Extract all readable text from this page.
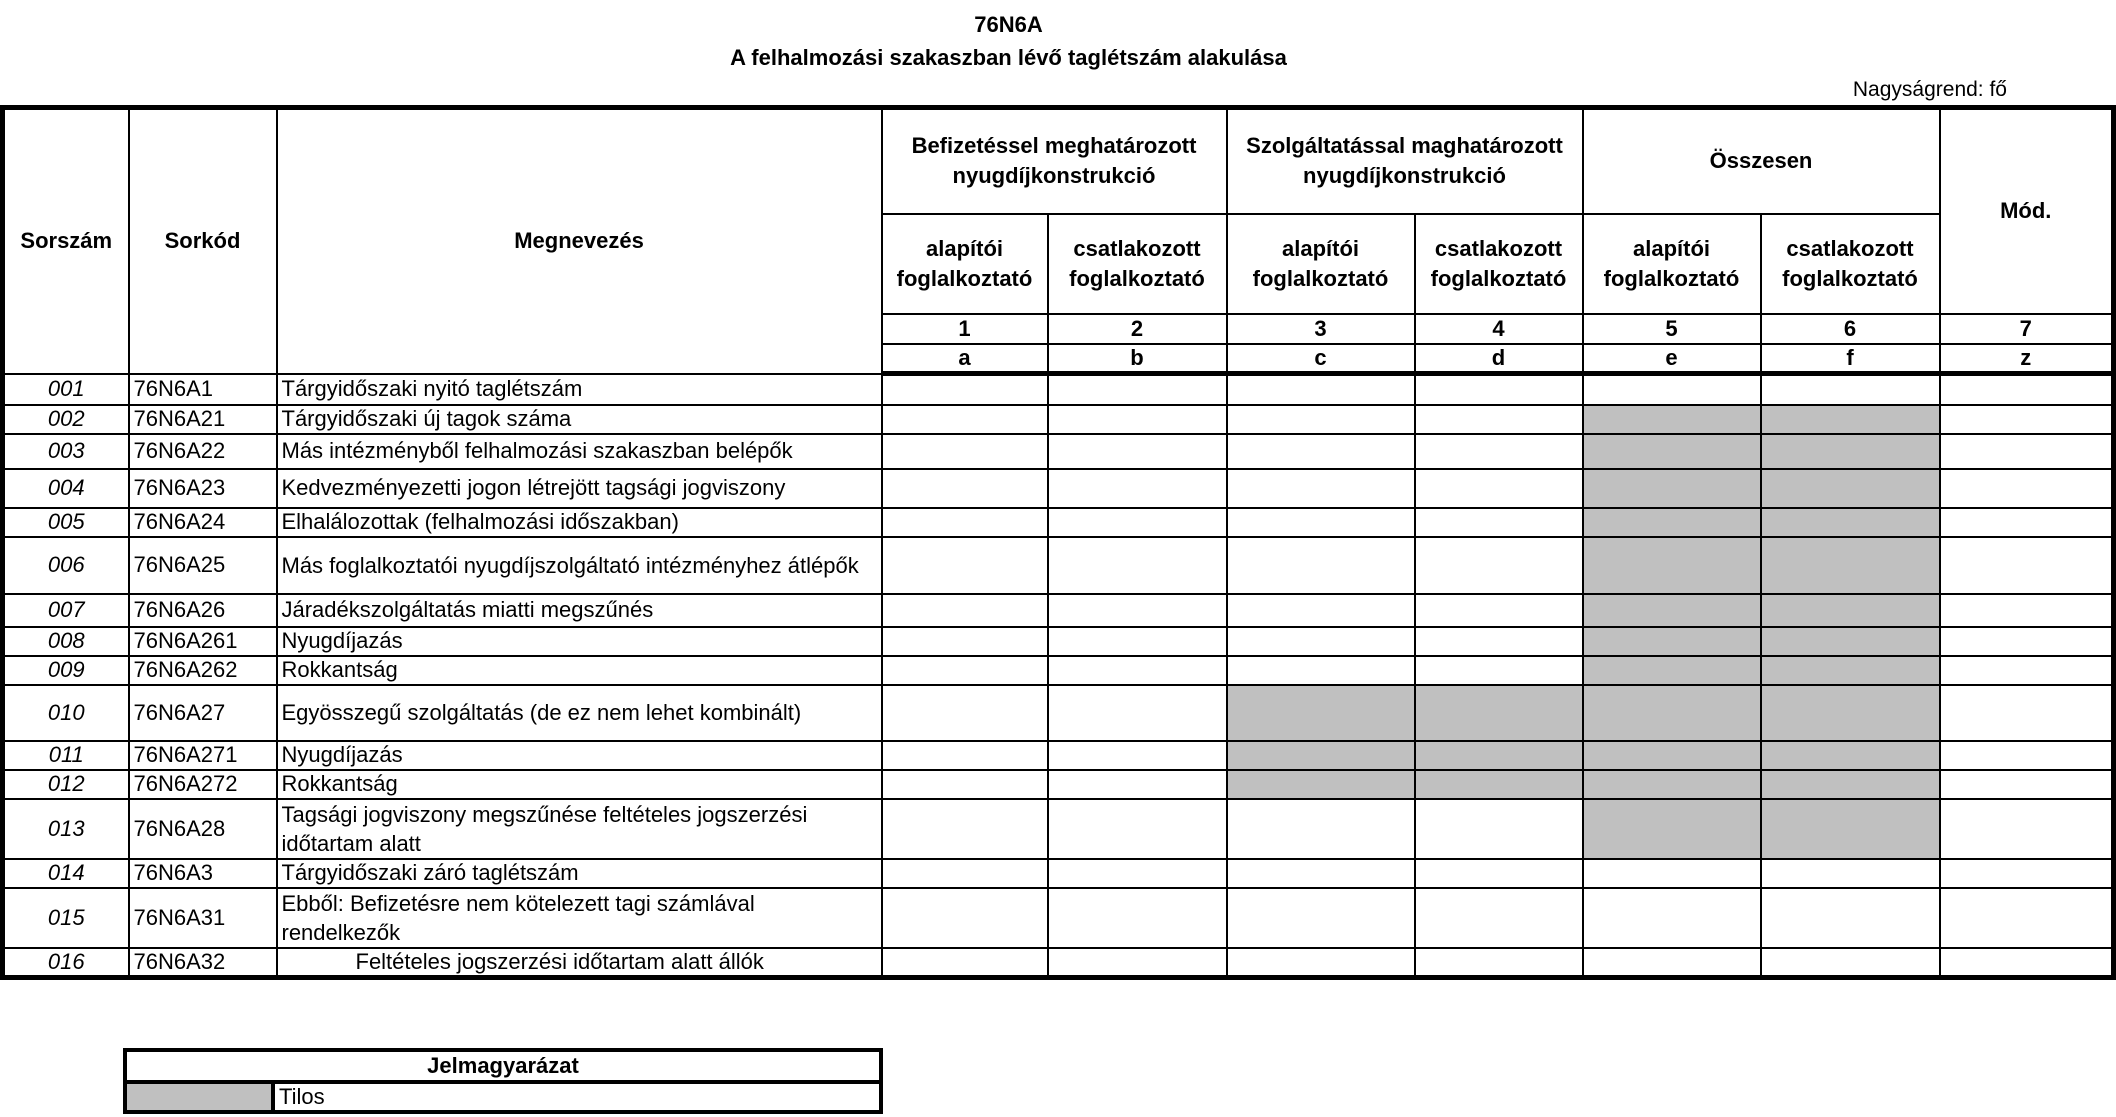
76N6A
A felhalmozási szakaszban lévő taglétszám alakulása
Nagyságrend: fő
Sorszám	Sorkód	Megnevezés	Befizetéssel meghatározott nyugdíjkonstrukció		Szolgáltatással maghatározott nyugdíjkonstrukció		Összesen		Mód.
			alapítói foglalkoztató	csatlakozott foglalkoztató	alapítói foglalkoztató	csatlakozott foglalkoztató	alapítói foglalkoztató	csatlakozott foglalkoztató	
			1	2	3	4	5	6	7
			a	b	c	d	e	f	z
001	76N6A1	Tárgyidőszaki nyitó taglétszám							
002	76N6A21	Tárgyidőszaki új tagok száma							
003	76N6A22	Más intézményből felhalmozási szakaszban belépők							
004	76N6A23	Kedvezményezetti jogon létrejött tagsági jogviszony							
005	76N6A24	Elhalálozottak (felhalmozási időszakban)							
006	76N6A25	Más foglalkoztatói nyugdíjszolgáltató intézményhez átlépők							
007	76N6A26	Járadékszolgáltatás miatti megszűnés							
008	76N6A261	Nyugdíjazás							
009	76N6A262	Rokkantság							
010	76N6A27	Egyösszegű szolgáltatás (de ez nem lehet kombinált)							
011	76N6A271	Nyugdíjazás							
012	76N6A272	Rokkantság							
013	76N6A28	Tagsági jogviszony megszűnése feltételes jogszerzési időtartam alatt							
014	76N6A3	Tárgyidőszaki záró taglétszám							
015	76N6A31	Ebből: Befizetésre nem kötelezett tagi számlával rendelkezők							
016	76N6A32	Feltételes jogszerzési időtartam alatt állók							
Jelmagyarázat
	Tilos
